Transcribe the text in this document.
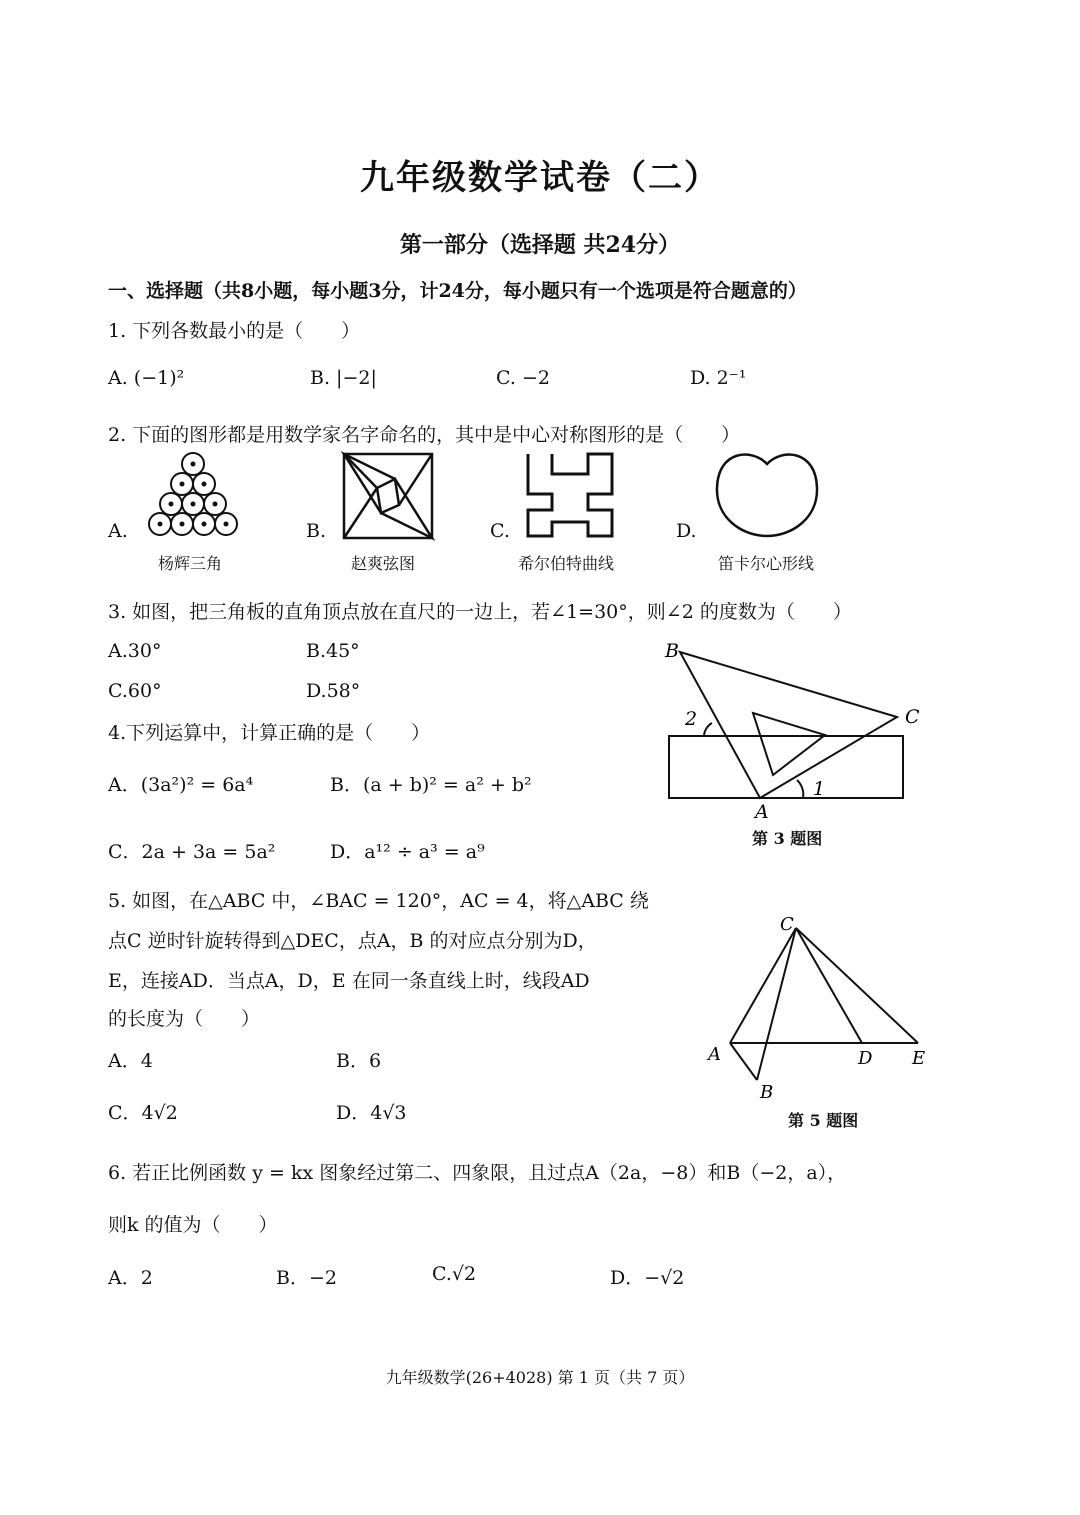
九年级数学试卷（二）
第一部分（选择题 共24分）
一、选择题（共8小题，每小题3分，计24分，每小题只有一个选项是符合题意的）
1. 下列各数最小的是（　　）
A. (−1)²	B. |−2|	C. −2	D. 2⁻¹
2. 下面的图形都是用数学家名字命名的，其中是中心对称图形的是（　　）
A.
杨辉三角
B.
赵爽弦图
C.
希尔伯特曲线
D.
笛卡尔心形线
3. 如图，把三角板的直角顶点放在直尺的一边上，若∠1=30°，则∠2 的度数为（　　）
A.30°	B.45°
C.60°	D.58°
B
C
2
A
1
第 3 题图
4.下列运算中，计算正确的是（　　）
A．(3a²)² = 6a⁴	B．(a + b)² = a² + b²
C．2a + 3a = 5a²	D．a¹² ÷ a³ = a⁹
5. 如图，在△ABC 中，∠BAC = 120°，AC = 4，将△ABC 绕
点C 逆时针旋转得到△DEC，点A，B 的对应点分别为D，
E，连接AD．当点A，D，E 在同一条直线上时，线段AD
的长度为（　　）
A．4	B．6
C．4√2	D．4√3
C
A
B
D E
第 5 题图
6. 若正比例函数 y = kx 图象经过第二、四象限，且过点A（2a，−8）和B（−2，a），
则k 的值为（　　）
A．2	B．−2	C.√2	D．−√2
九年级数学(26+4028) 第 1 页（共 7 页）
